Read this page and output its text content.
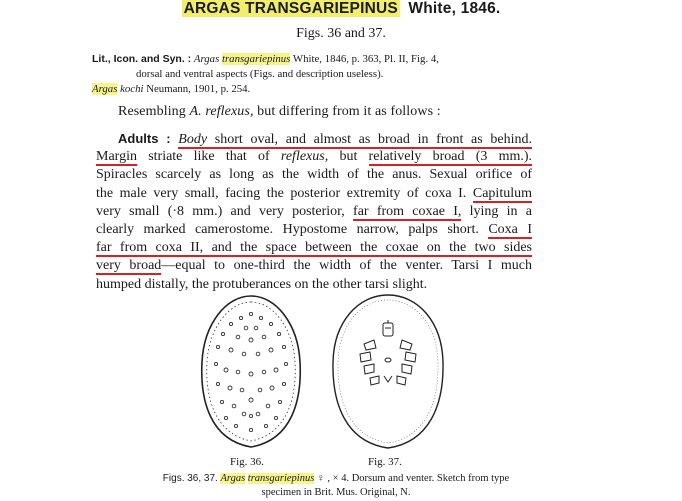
ARGAS TRANSGARIEPINUS White, 1846.
Figs. 36 and 37.
Lit., Icon. and Syn. : Argas transgariepinus White, 1846, p. 363, Pl. II, Fig. 4,
dorsal and ventral aspects (Figs. and description useless).
Argas kochi Neumann, 1901, p. 254.
Resembling A. reflexus, but differing from it as follows :
Adults : Body short oval, and almost as broad in front as behind.
Margin striate like that of reflexus, but relatively broad (3 mm.).
Spiracles scarcely as long as the width of the anus. Sexual orifice of
the male very small, facing the posterior extremity of coxa I. Capitulum
very small (·8 mm.) and very posterior, far from coxae I, lying in a
clearly marked camerostome. Hypostome narrow, palps short. Coxa I
far from coxa II, and the space between the coxae on the two sides
very broad—equal to one-third the width of the venter. Tarsi I much
humped distally, the protuberances on the other tarsi slight.
Fig. 36.	Fig. 37.
Figs. 36, 37. Argas transgariepinus ♀ , × 4. Dorsum and venter. Sketch from type
specimen in Brit. Mus. Original, N.
